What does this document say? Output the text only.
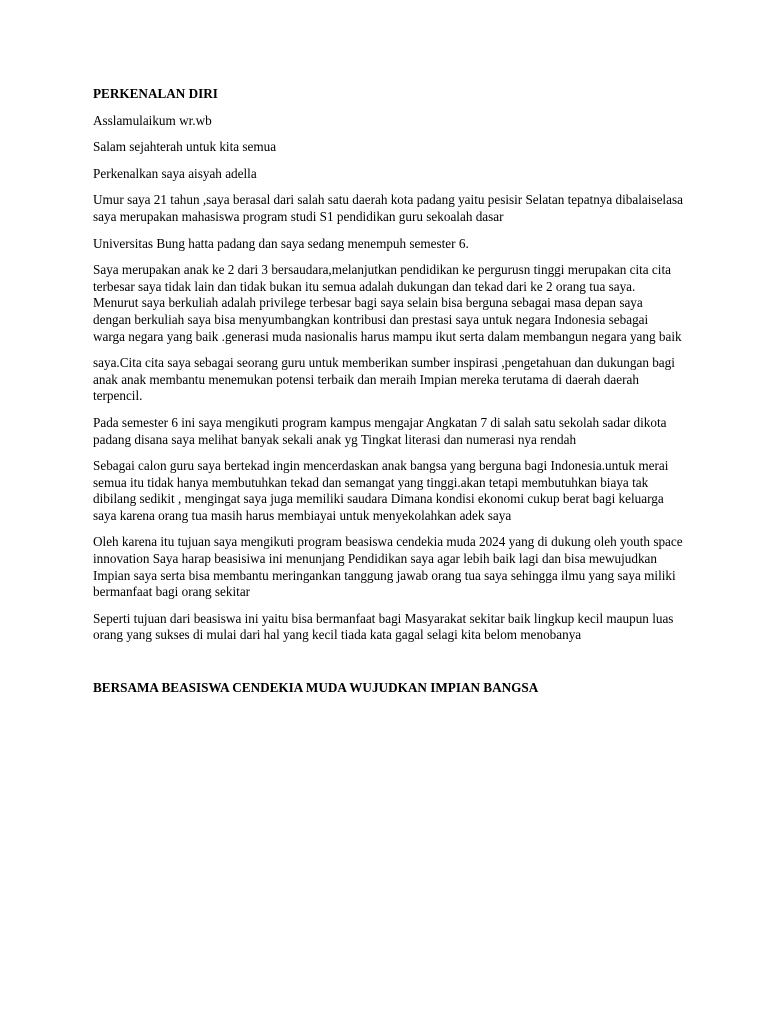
PERKENALAN DIRI

Asslamulaikum wr.wb

Salam sejahterah untuk kita semua

Perkenalkan saya aisyah adella

Umur saya 21 tahun ,saya berasal dari salah satu daerah kota padang yaitu pesisir Selatan tepatnya dibalaiselasa saya merupakan mahasiswa program studi S1 pendidikan guru sekoalah dasar

Universitas Bung hatta padang dan saya sedang menempuh semester 6.

Saya merupakan anak ke 2 dari 3 bersaudara,melanjutkan pendidikan ke pergurusn tinggi merupakan cita cita terbesar saya tidak lain dan tidak bukan itu semua adalah dukungan dan tekad dari ke 2 orang tua saya. Menurut saya berkuliah adalah privilege terbesar bagi saya selain bisa berguna sebagai masa depan saya dengan berkuliah saya bisa menyumbangkan kontribusi dan prestasi saya untuk negara Indonesia sebagai warga negara yang baik .generasi muda nasionalis harus mampu ikut serta dalam membangun negara yang baik

saya.Cita cita saya sebagai seorang guru untuk memberikan sumber inspirasi ,pengetahuan dan dukungan bagi anak anak membantu menemukan potensi terbaik dan meraih Impian mereka terutama di daerah daerah terpencil.

Pada semester 6 ini saya mengikuti program kampus mengajar Angkatan 7 di salah satu sekolah sadar dikota padang disana saya melihat banyak sekali anak yg Tingkat literasi dan numerasi nya rendah

Sebagai calon guru saya bertekad ingin mencerdaskan anak bangsa yang berguna bagi Indonesia.untuk merai semua itu tidak hanya membutuhkan tekad dan semangat yang tinggi.akan tetapi membutuhkan biaya tak dibilang sedikit , mengingat saya juga memiliki saudara Dimana kondisi ekonomi cukup berat bagi keluarga saya karena orang tua masih harus membiayai untuk menyekolahkan adek saya

Oleh karena itu tujuan saya mengikuti program beasiswa cendekia muda 2024 yang di dukung oleh youth space innovation Saya harap beasisiwa ini menunjang Pendidikan saya agar lebih baik lagi dan bisa mewujudkan Impian saya serta bisa membantu meringankan tanggung jawab orang tua saya sehingga ilmu yang saya miliki bermanfaat bagi orang sekitar

Seperti tujuan dari beasiswa ini yaitu bisa bermanfaat bagi Masyarakat sekitar baik lingkup kecil maupun luas orang yang sukses di mulai dari hal yang kecil tiada kata gagal selagi kita belom menobanya

BERSAMA BEASISWA CENDEKIA MUDA WUJUDKAN IMPIAN BANGSA
